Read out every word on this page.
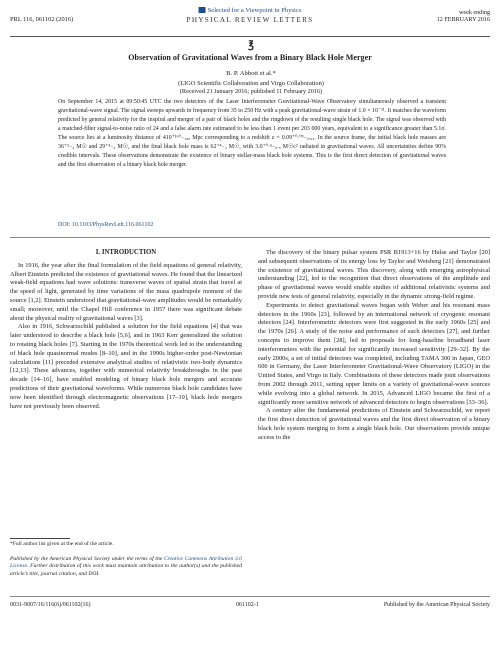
PRL 116, 061102 (2016)
Selected for a Viewpoint in Physics
PHYSICAL REVIEW LETTERS
week ending
12 FEBRUARY 2016
℥
Observation of Gravitational Waves from a Binary Black Hole Merger
B. P. Abbott et al.*
(LIGO Scientific Collaboration and Virgo Collaboration)
(Received 21 January 2016; published 11 February 2016)
On September 14, 2015 at 09:50:45 UTC the two detectors of the Laser Interferometer Gravitational-Wave Observatory simultaneously observed a transient gravitational-wave signal. The signal sweeps upwards in frequency from 35 to 250 Hz with a peak gravitational-wave strain of 1.0 × 10⁻²¹. It matches the waveform predicted by general relativity for the inspiral and merger of a pair of black holes and the ringdown of the resulting single black hole. The signal was observed with a matched-filter signal-to-noise ratio of 24 and a false alarm rate estimated to be less than 1 event per 203 000 years, equivalent to a significance greater than 5.1σ. The source lies at a luminosity distance of 410⁺¹⁶⁰₋₁₈₀ Mpc corresponding to a redshift z = 0.09⁺⁰·⁰³₋₀.₀₄. In the source frame, the initial black hole masses are 36⁺⁵₋₄ M☉ and 29⁺⁴₋₄ M☉, and the final black hole mass is 62⁺⁴₋₄ M☉, with 3.0⁺⁰·⁵₋₀.₅ M☉c² radiated in gravitational waves. All uncertainties define 90% credible intervals. These observations demonstrate the existence of binary stellar-mass black hole systems. This is the first direct detection of gravitational waves and the first observation of a binary black hole merger.
DOI: 10.1103/PhysRevLett.116.061102
I. INTRODUCTION

In 1916, the year after the final formulation of the field equations of general relativity, Albert Einstein predicted the existence of gravitational waves. He found that the linearized weak-field equations had wave solutions: transverse waves of spatial strain that travel at the speed of light, generated by time variations of the mass quadrupole moment of the source [1,2]. Einstein understood that gravitational-wave amplitudes would be remarkably small; moreover, until the Chapel Hill conference in 1957 there was significant debate about the physical reality of gravitational waves [3].

Also in 1916, Schwarzschild published a solution for the field equations [4] that was later understood to describe a black hole [5,6], and in 1963 Kerr generalized the solution to rotating black holes [7]. Starting in the 1970s theoretical work led to the understanding of black hole quasinormal modes [8–10], and in the 1990s higher-order post-Newtonian calculations [11] preceded extensive analytical studies of relativistic two-body dynamics [12,13]. These advances, together with numerical relativity breakthroughs in the past decade [14–16], have enabled modeling of binary black hole mergers and accurate predictions of their gravitational waveforms. While numerous black hole candidates have now been identified through electromagnetic observations [17–19], black hole mergers have not previously been observed.

The discovery of the binary pulsar system PSR B1913+16 by Hulse and Taylor [20] and subsequent observations of its energy loss by Taylor and Weisberg [21] demonstrated the existence of gravitational waves. This discovery, along with emerging astrophysical understanding [22], led to the recognition that direct observations of the amplitude and phase of gravitational waves would enable studies of additional relativistic systems and provide new tests of general relativity, especially in the dynamic strong-field regime.

Experiments to detect gravitational waves began with Weber and his resonant mass detectors in the 1960s [23], followed by an international network of cryogenic resonant detectors [24]. Interferometric detectors were first suggested in the early 1960s [25] and the 1970s [26]. A study of the noise and performance of such detectors [27], and further concepts to improve them [28], led to proposals for long-baseline broadband laser interferometers with the potential for significantly increased sensitivity [29–32]. By the early 2000s, a set of initial detectors was completed, including TAMA 300 in Japan, GEO 600 in Germany, the Laser Interferometer Gravitational-Wave Observatory (LIGO) in the United States, and Virgo in Italy. Combinations of these detectors made joint observations from 2002 through 2011, setting upper limits on a variety of gravitational-wave sources while evolving into a global network. In 2015, Advanced LIGO became the first of a significantly more sensitive network of advanced detectors to begin observations [33–36].

A century after the fundamental predictions of Einstein and Schwarzschild, we report the first direct detection of gravitational waves and the first direct observation of a binary black hole system merging to form a single black hole. Our observations provide unique access to the

*Full author list given at the end of the article.
Published by the American Physical Society under the terms of the Creative Commons Attribution 3.0 License. Further distribution of this work must maintain attribution to the author(s) and the published article’s title, journal citation, and DOI.
0031-9007/16/116(6)/061102(16)	061102-1	Published by the American Physical Society
